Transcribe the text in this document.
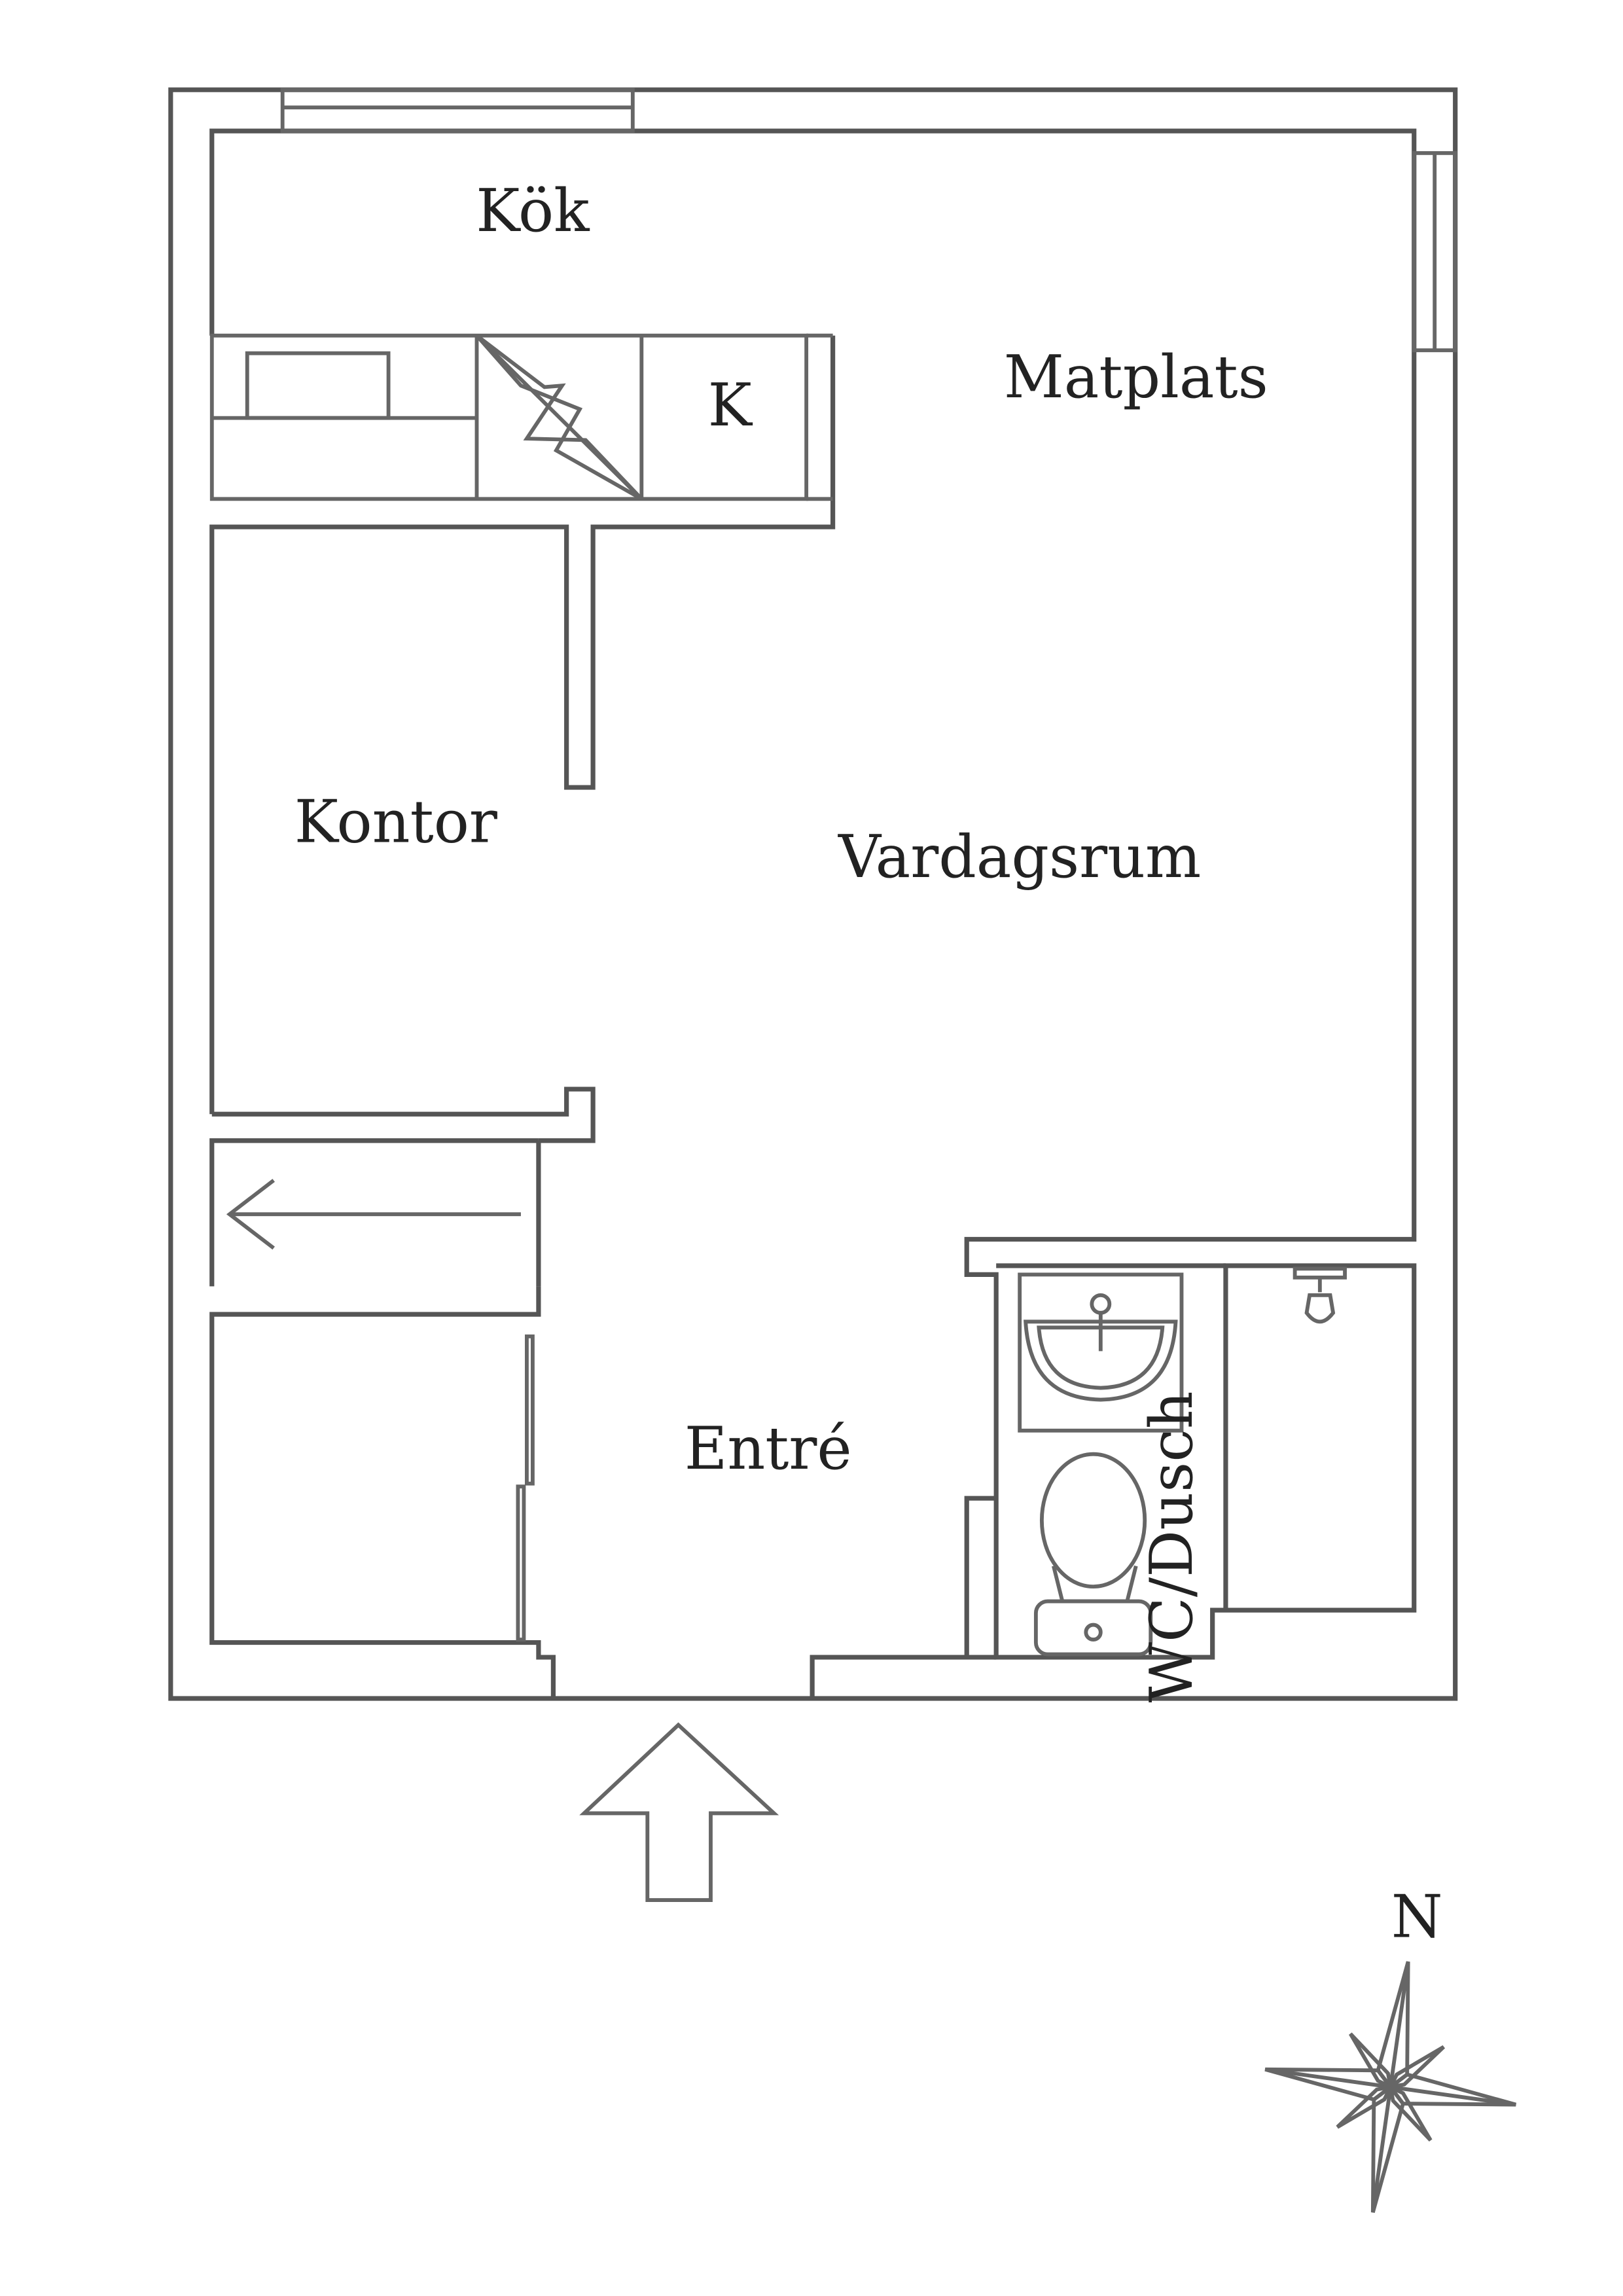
Kök
Matplats
K
Kontor
Vardagsrum
Entré	WC/Dusch
N
